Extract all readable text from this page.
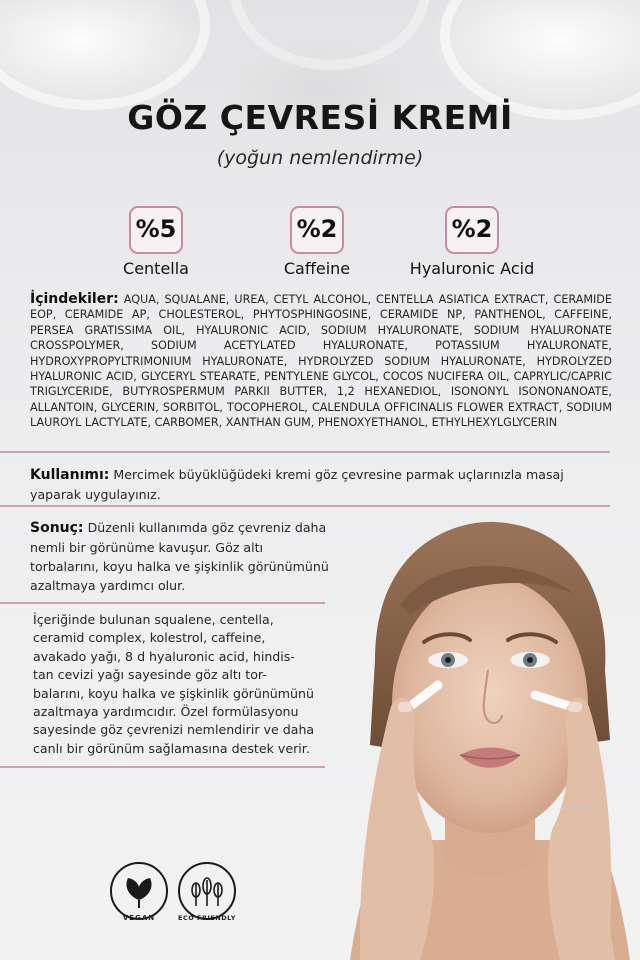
GÖZ ÇEVRESİ KREMİ
(yoğun nemlendirme)
%5
Centella
%2
Caffeine
%2
Hyaluronic Acid
İçindekiler: AQUA, SQUALANE, UREA, CETYL ALCOHOL, CENTELLA ASIATICA EXTRACT, CERAMIDE EOP, CERAMIDE AP, CHOLESTEROL, PHYTOSPHINGOSINE, CERAMIDE NP, PANTHENOL, CAFFEINE, PERSEA GRATISSIMA OIL, HYALURONIC ACID, SODIUM HYALURONATE, SODIUM HYALURONATE CROSSPOLYMER, SODIUM ACETYLATED HYALURONATE, POTASSIUM HYALURONATE, HYDROXYPROPYLTRIMONIUM HYALURONATE, HYDROLYZED SODIUM HYALURONATE, HYDROLYZED HYALURONIC ACID, GLYCERYL STEARATE, PENTYLENE GLYCOL, COCOS NUCIFERA OIL, CAPRYLIC/CAPRIC TRIGLYCERIDE, BUTYROSPERMUM PARKII BUTTER, 1,2 HEXANEDIOL, ISONONYL ISONONANOATE, ALLANTOIN, GLYCERIN, SORBITOL, TOCOPHEROL, CALENDULA OFFICINALIS FLOWER EXTRACT, SODIUM LAUROYL LACTYLATE, CARBOMER, XANTHAN GUM, PHENOXYETHANOL, ETHYLHEXYLGLYCERIN
Kullanımı: Mercimek büyüklüğüdeki kremi göz çevresine parmak uçlarınızla masaj yaparak uygulayınız.
Sonuç: Düzenli kullanımda göz çevreniz daha nemli bir görünüme kavuşur. Göz altı torbalarını, koyu halka ve şişkinlik görünümünü azaltmaya yardımcı olur.
İçeriğinde bulunan squalene, centella, ceramid complex, kolestrol, caffeine, avakado yağı, 8 d hyaluronic acid, hindis-tan cevizi yağı sayesinde göz altı tor-balarını, koyu halka ve şişkinlik görünümünü azaltmaya yardımcıdır. Özel formülasyonu sayesinde göz çevrenizi nemlendirir ve daha canlı bir görünüm sağlamasına destek verir.
VEGAN	ECO FRIENDLY
